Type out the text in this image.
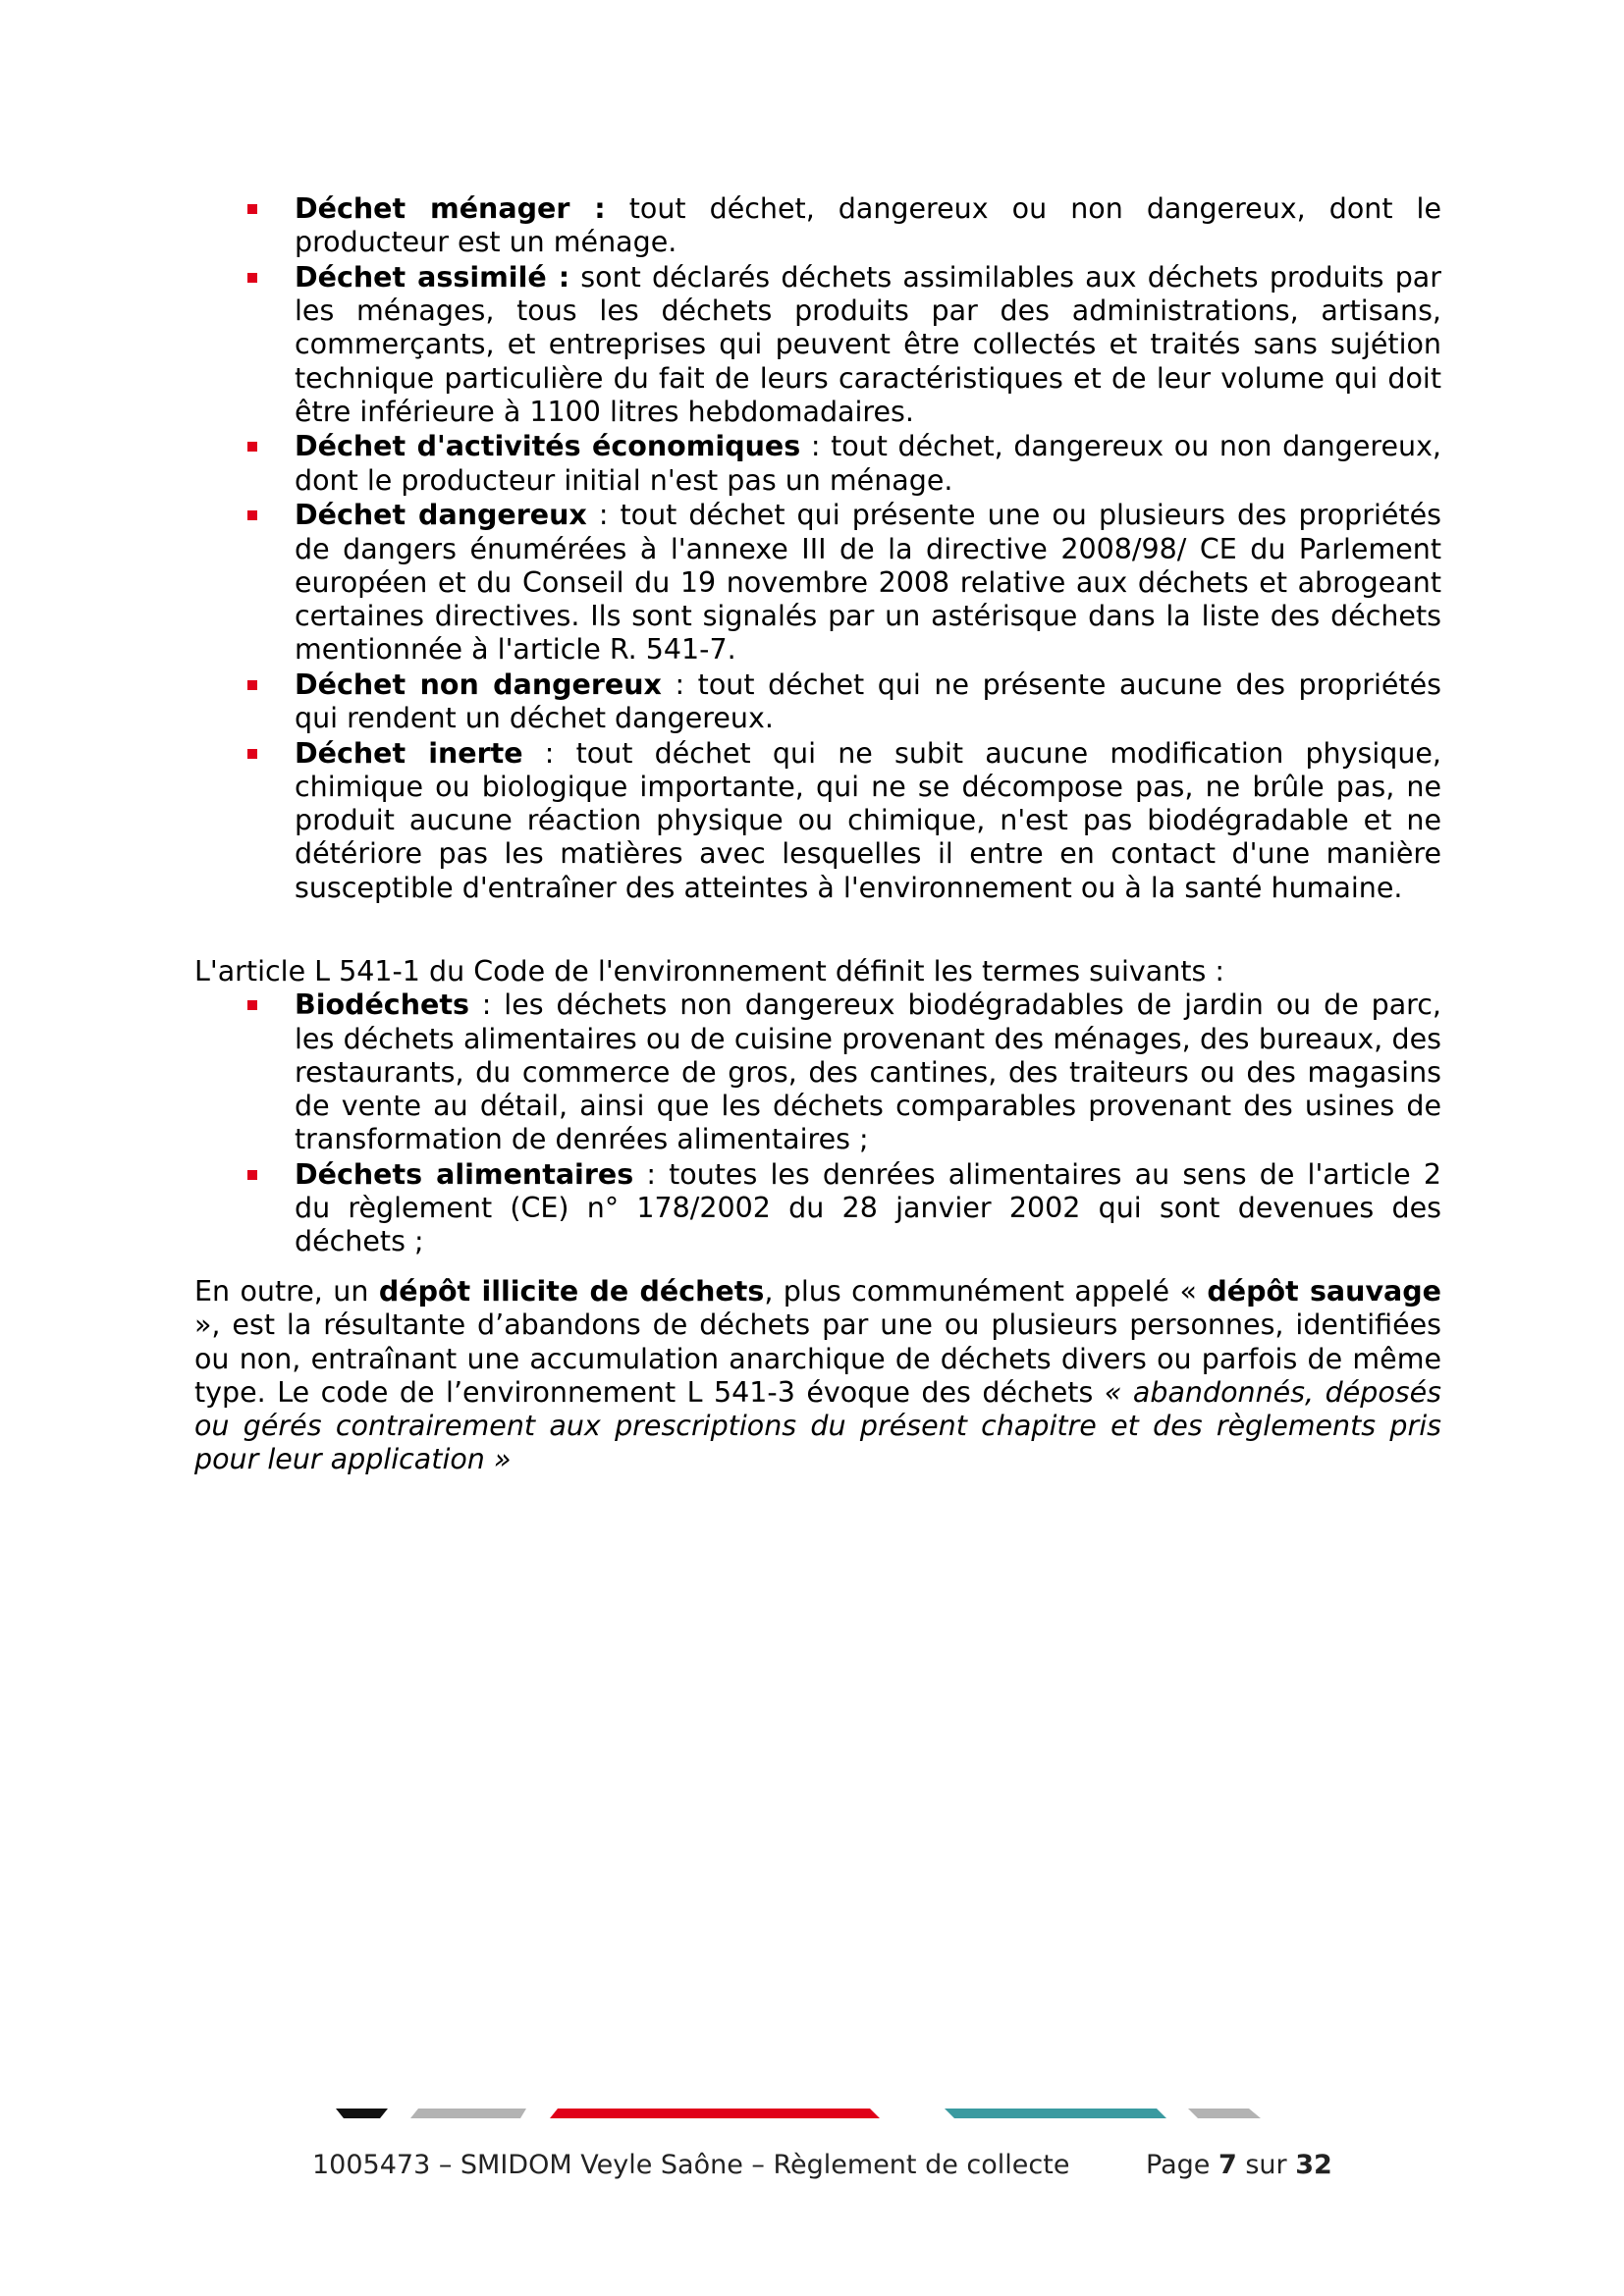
Déchet ménager : tout déchet, dangereux ou non dangereux, dont le producteur est un ménage.
Déchet assimilé : sont déclarés déchets assimilables aux déchets produits par les ménages, tous les déchets produits par des administrations, artisans, commerçants, et entreprises qui peuvent être collectés et traités sans sujétion technique particulière du fait de leurs caractéristiques et de leur volume qui doit être inférieure à 1100 litres hebdomadaires.
Déchet d'activités économiques : tout déchet, dangereux ou non dangereux, dont le producteur initial n'est pas un ménage.
Déchet dangereux : tout déchet qui présente une ou plusieurs des propriétés de dangers énumérées à l'annexe III de la directive 2008/98/ CE du Parlement européen et du Conseil du 19 novembre 2008 relative aux déchets et abrogeant certaines directives. Ils sont signalés par un astérisque dans la liste des déchets mentionnée à l'article R. 541-7.
Déchet non dangereux : tout déchet qui ne présente aucune des propriétés qui rendent un déchet dangereux.
Déchet inerte : tout déchet qui ne subit aucune modification physique, chimique ou biologique importante, qui ne se décompose pas, ne brûle pas, ne produit aucune réaction physique ou chimique, n'est pas biodégradable et ne détériore pas les matières avec lesquelles il entre en contact d'une manière susceptible d'entraîner des atteintes à l'environnement ou à la santé humaine.

L'article L 541-1 du Code de l'environnement définit les termes suivants :

Biodéchets : les déchets non dangereux biodégradables de jardin ou de parc, les déchets alimentaires ou de cuisine provenant des ménages, des bureaux, des restaurants, du commerce de gros, des cantines, des traiteurs ou des magasins de vente au détail, ainsi que les déchets comparables provenant des usines de transformation de denrées alimentaires ;
Déchets alimentaires : toutes les denrées alimentaires au sens de l'article 2 du règlement (CE) n° 178/2002 du 28 janvier 2002 qui sont devenues des déchets ;

En outre, un dépôt illicite de déchets, plus communément appelé « dépôt sauvage », est la résultante d’abandons de déchets par une ou plusieurs personnes, identifiées ou non, entraînant une accumulation anarchique de déchets divers ou parfois de même type. Le code de l’environnement L 541-3 évoque des déchets « abandonnés, déposés ou gérés contrairement aux prescriptions du présent chapitre et des règlements pris pour leur application »

1005473 – SMIDOM Veyle Saône – Règlement de collecte	Page 7 sur 32
